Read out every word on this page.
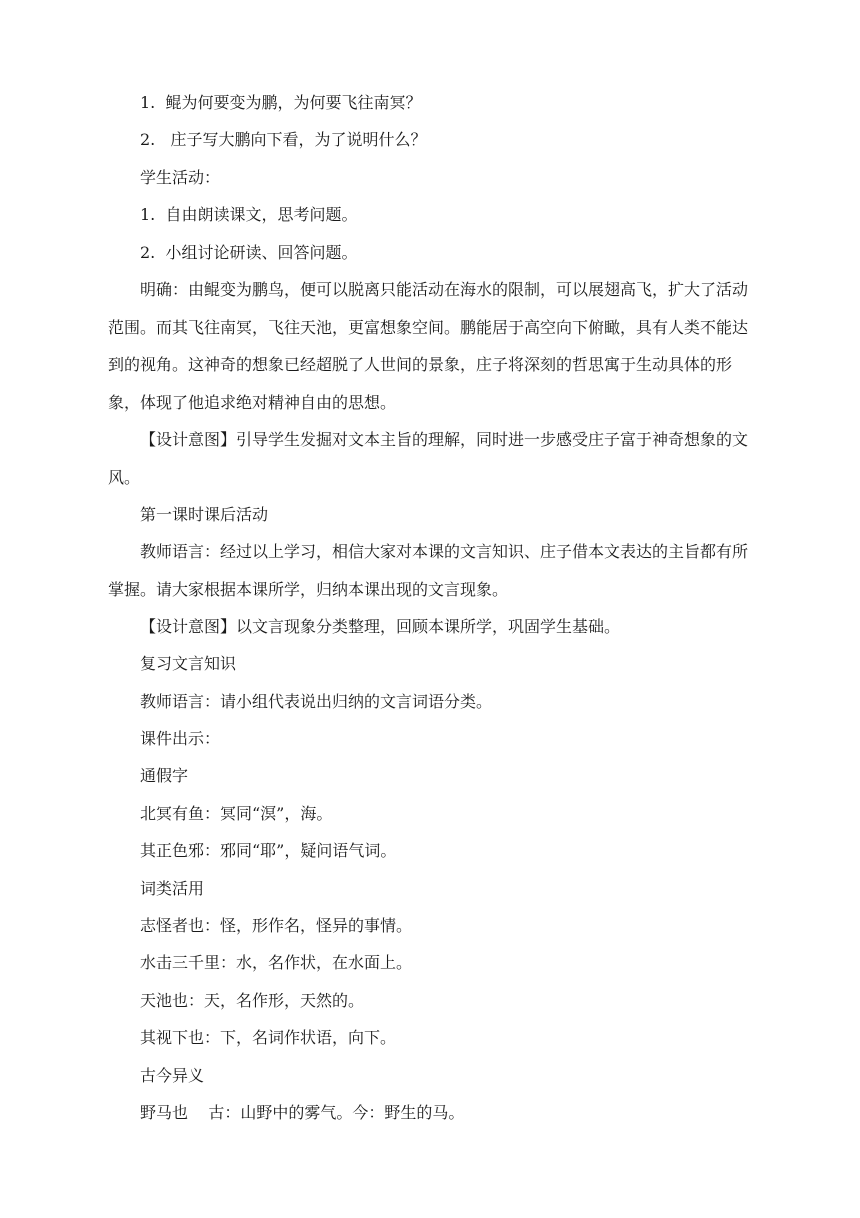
1.  鲲为何要变为鹏，为何要飞往南冥？

2.   庄子写大鹏向下看，为了说明什么？

学生活动：

1.  自由朗读课文，思考问题。

2.  小组讨论研读、回答问题。

明确：由鲲变为鹏鸟，便可以脱离只能活动在海水的限制，可以展翅高飞，扩大了活动范围。而其飞往南冥，飞往天池，更富想象空间。鹏能居于高空向下俯瞰，具有人类不能达到的视角。这神奇的想象已经超脱了人世间的景象，庄子将深刻的哲思寓于生动具体的形象，体现了他追求绝对精神自由的思想。

【设计意图】引导学生发掘对文本主旨的理解，同时进一步感受庄子富于神奇想象的文风。

第一课时课后活动

教师语言：经过以上学习，相信大家对本课的文言知识、庄子借本文表达的主旨都有所掌握。请大家根据本课所学，归纳本课出现的文言现象。

【设计意图】以文言现象分类整理，回顾本课所学，巩固学生基础。

复习文言知识

教师语言：请小组代表说出归纳的文言词语分类。

课件出示：

通假字

北冥有鱼：冥同“溟”，海。

其正色邪：邪同“耶”，疑问语气词。

词类活用

志怪者也：怪，形作名，怪异的事情。

水击三千里：水，名作状，在水面上。

天池也：天，名作形，天然的。

其视下也：下，名词作状语，向下。

古今异义

野马也    古：山野中的雾气。今：野生的马。
